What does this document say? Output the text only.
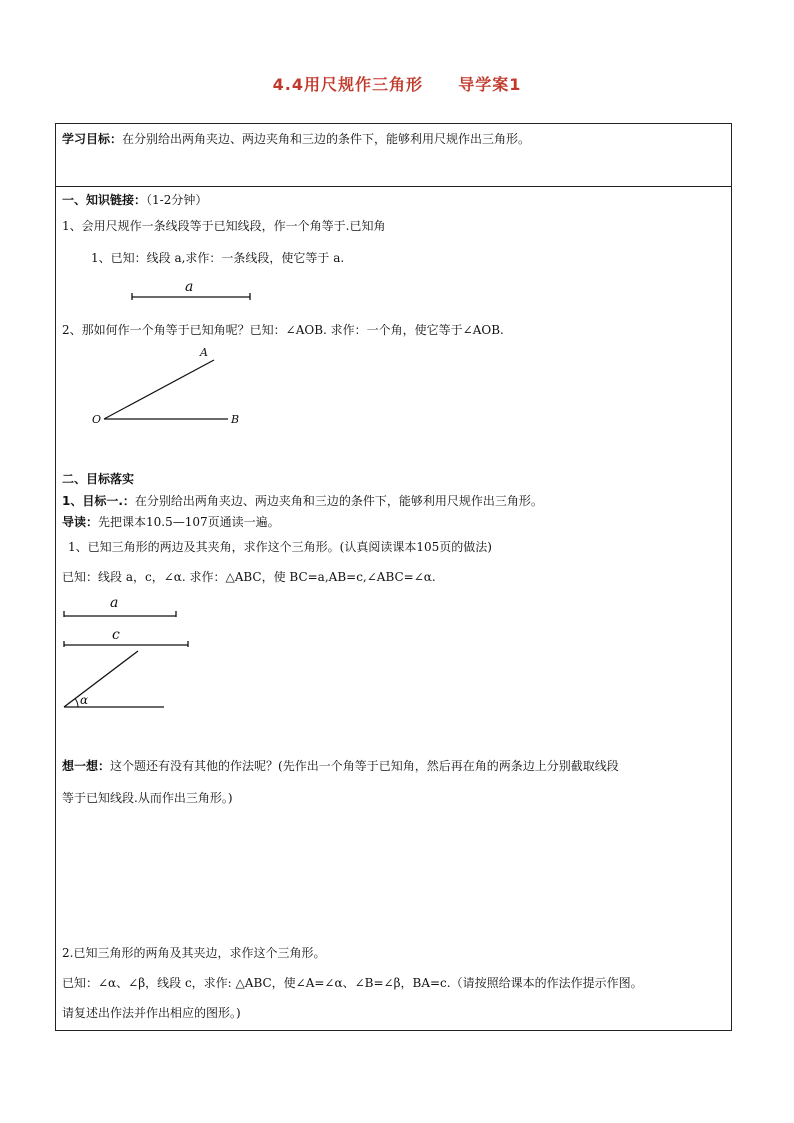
4.4用尺规作三角形 导学案1
学习目标：在分别给出两角夹边、两边夹角和三边的条件下，能够利用尺规作出三角形。
一、知识链接：（1-2分钟）
1、会用尺规作一条线段等于已知线段，作一个角等于.已知角
1、已知：线段 a,求作：一条线段，使它等于 a.
a
2、那如何作一个角等于已知角呢？已知：∠AOB. 求作：一个角，使它等于∠AOB.
O
A
B
二、目标落实
1、目标一.：在分别给出两角夹边、两边夹角和三边的条件下，能够利用尺规作出三角形。
导读：先把课本10.5—107页通读一遍。
1、已知三角形的两边及其夹角，求作这个三角形。(认真阅读课本105页的做法)
已知：线段 a，c，∠α. 求作：△ABC，使 BC=a,AB=c,∠ABC=∠α.
a
c
α
想一想：这个题还有没有其他的作法呢？(先作出一个角等于已知角，然后再在角的两条边上分别截取线段
等于已知线段.从而作出三角形。)
2.已知三角形的两角及其夹边，求作这个三角形。
已知：∠α、∠β，线段 c，求作: △ABC，使∠A=∠α、∠B=∠β，BA=c.（请按照给课本的作法作提示作图。
请复述出作法并作出相应的图形。)
